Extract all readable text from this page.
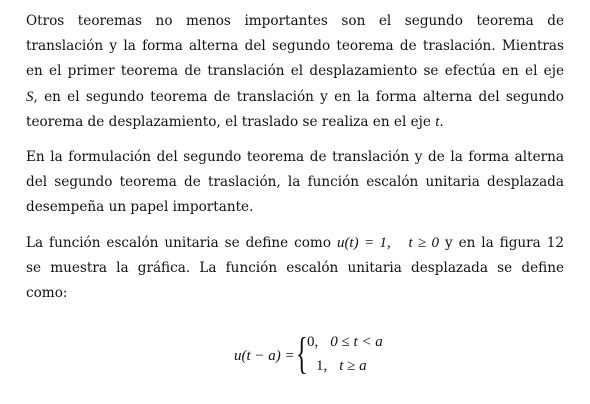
Otros teoremas no menos importantes son el segundo teorema de
translación y la forma alterna del segundo teorema de traslación. Mientras
en el primer teorema de translación el desplazamiento se efectúa en el eje
S, en el segundo teorema de translación y en la forma alterna del segundo
teorema de desplazamiento, el traslado se realiza en el eje t.

En la formulación del segundo teorema de translación y de la forma alterna
del segundo teorema de traslación, la función escalón unitaria desplazada
desempeña un papel importante.

La función escalón unitaria se define como u(t) = 1, t ≥ 0 y en la figura 12
se muestra la gráfica. La función escalón unitaria desplazada se define
como:

u(t − a) = { 0, 0 ≤ t < a
1, t ≥ a
